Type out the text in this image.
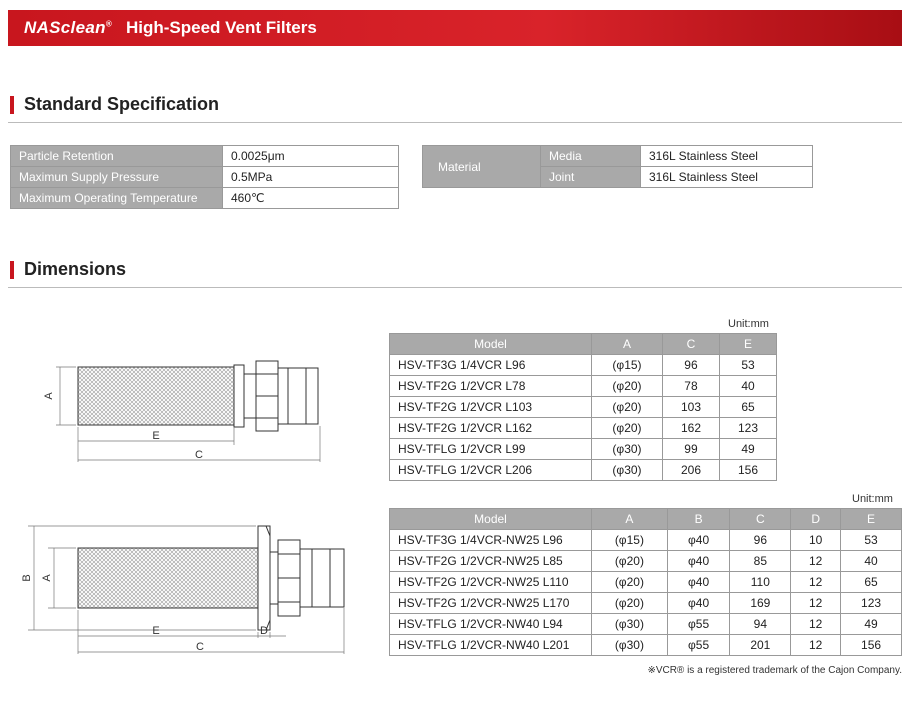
NASclean® High-Speed Vent Filters
Standard Specification
Particle Retention	0.0025μm
Maximun Supply Pressure	0.5MPa
Maximum Operating Temperature	460℃
Material	Media	316L Stainless Steel
	Joint	316L Stainless Steel
Dimensions
A
E
C
B A
E	D
C
Unit:mm
Model	A	C	E
HSV-TF3G 1/4VCR L96	(φ15)	96	53
HSV-TF2G 1/2VCR L78	(φ20)	78	40
HSV-TF2G 1/2VCR L103	(φ20)	103	65
HSV-TF2G 1/2VCR L162	(φ20)	162	123
HSV-TFLG 1/2VCR L99	(φ30)	99	49
HSV-TFLG 1/2VCR L206	(φ30)	206	156
Unit:mm
Model	A	B	C	D	E
HSV-TF3G 1/4VCR-NW25 L96	(φ15)	φ40	96	10	53
HSV-TF2G 1/2VCR-NW25 L85	(φ20)	φ40	85	12	40
HSV-TF2G 1/2VCR-NW25 L110	(φ20)	φ40	110	12	65
HSV-TF2G 1/2VCR-NW25 L170	(φ20)	φ40	169	12	123
HSV-TFLG 1/2VCR-NW40 L94	(φ30)	φ55	94	12	49
HSV-TFLG 1/2VCR-NW40 L201	(φ30)	φ55	201	12	156
※VCR® is a registered trademark of the Cajon Company.
